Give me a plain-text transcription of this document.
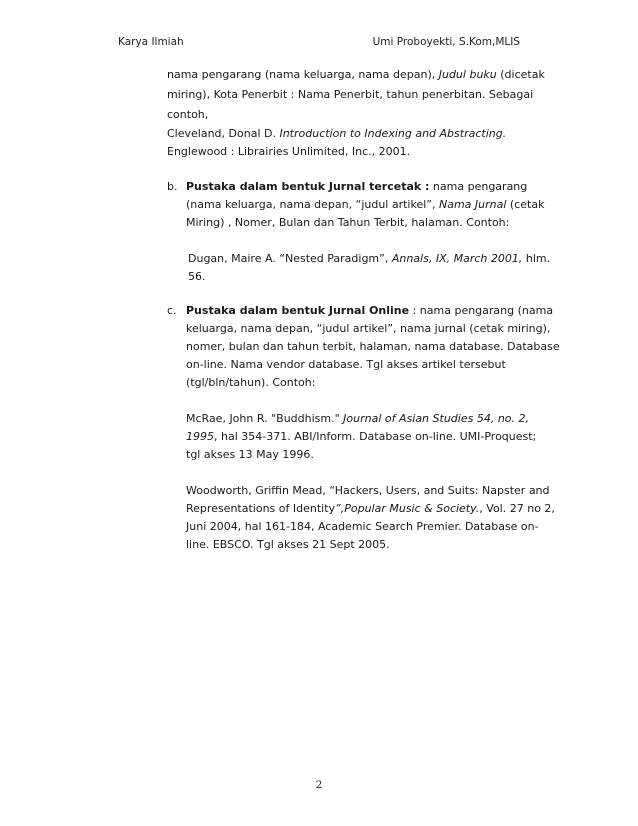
Karya Ilmiah	Umi Proboyekti, S.Kom,MLIS
nama pengarang (nama keluarga, nama depan), Judul buku (dicetak
miring), Kota Penerbit : Nama Penerbit, tahun penerbitan. Sebagai
contoh,
Cleveland, Donal D. Introduction to Indexing and Abstracting.
Englewood : Librairies Unlimited, Inc., 2001.
b. Pustaka dalam bentuk Jurnal tercetak : nama pengarang
(nama keluarga, nama depan, “judul artikel”, Nama Jurnal (cetak
Miring) , Nomer, Bulan dan Tahun Terbit, halaman. Contoh:
Dugan, Maire A. “Nested Paradigm”, Annals, IX, March 2001, hlm.
56.
c. Pustaka dalam bentuk Jurnal Online : nama pengarang (nama
keluarga, nama depan, “judul artikel”, nama jurnal (cetak miring),
nomer, bulan dan tahun terbit, halaman, nama database. Database
on-line. Nama vendor database. Tgl akses artikel tersebut
(tgl/bln/tahun). Contoh:
McRae, John R. "Buddhism." Journal of Asian Studies 54, no. 2,
1995, hal 354-371. ABI/Inform. Database on-line. UMI-Proquest;
tgl akses 13 May 1996.
Woodworth, Griffin Mead, “Hackers, Users, and Suits: Napster and
Representations of Identity”,Popular Music & Society., Vol. 27 no 2,
Juni 2004, hal 161-184, Academic Search Premier. Database on-
line. EBSCO. Tgl akses 21 Sept 2005.
2
